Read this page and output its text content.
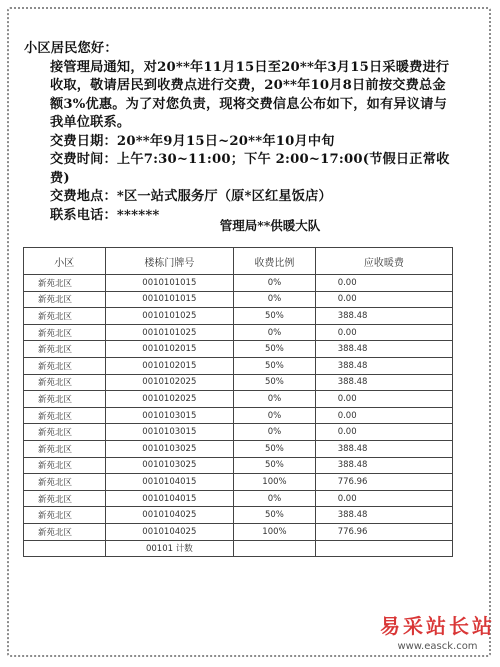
小区居民您好：

接管理局通知，对20**年11月15日至20**年3月15日采暖费进行收取，敬请居民到收费点进行交费，20**年10月8日前按交费总金额3%优惠。为了对您负责，现将交费信息公布如下，如有异议请与我单位联系。

交费日期：20**年9月15日~20**年10月中旬

交费时间：上午7:30~11:00；下午 2:00~17:00(节假日正常收费)

交费地点：*区一站式服务厅（原*区红星饭店）

联系电话：******

管理局**供暖大队
小区	楼栋门牌号	收费比例	应收暖费
新苑北区	0010101015	0%	0.00
新苑北区	0010101015	0%	0.00
新苑北区	0010101025	50%	388.48
新苑北区	0010101025	0%	0.00
新苑北区	0010102015	50%	388.48
新苑北区	0010102015	50%	388.48
新苑北区	0010102025	50%	388.48
新苑北区	0010102025	0%	0.00
新苑北区	0010103015	0%	0.00
新苑北区	0010103015	0%	0.00
新苑北区	0010103025	50%	388.48
新苑北区	0010103025	50%	388.48
新苑北区	0010104015	100%	776.96
新苑北区	0010104015	0%	0.00
新苑北区	0010104025	50%	388.48
新苑北区	0010104025	100%	776.96
	00101 计数		
易采站长站
www.easck.com
